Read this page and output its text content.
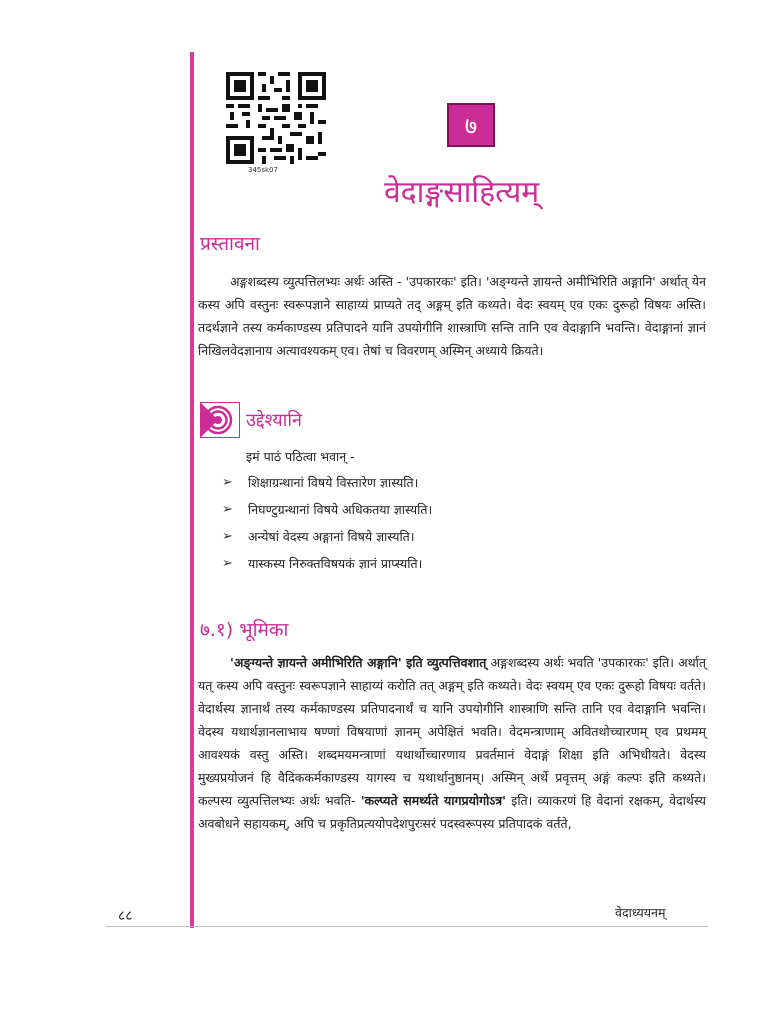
345sk07
७
वेदाङ्गसाहित्यम्
प्रस्तावना

अङ्गशब्दस्य व्युत्पत्तिलभ्यः अर्थः अस्ति - 'उपकारकः' इति। 'अङ्ग्यन्ते ज्ञायन्ते अमीभिरिति अङ्गानि' अर्थात् येन कस्य अपि वस्तुनः स्वरूपज्ञाने साहाय्यं प्राप्यते तद् अङ्गम् इति कथ्यते। वेदः स्वयम् एव एकः दुरूहो विषयः अस्ति। तदर्थज्ञाने तस्य कर्मकाण्डस्य प्रतिपादने यानि उपयोगीनि शास्त्राणि सन्ति तानि एव वेदाङ्गानि भवन्ति। वेदाङ्गानां ज्ञानं निखिलवेदज्ञानाय अत्यावश्यकम् एव। तेषां च विवरणम् अस्मिन् अध्याये क्रियते।

उद्देश्यानि

इमं पाठं पठित्वा भवान् -

➢	शिक्षाग्रन्थानां विषये विस्तारेण ज्ञास्यति।
➢	निघण्टुग्रन्थानां विषये अधिकतया ज्ञास्यति।
➢	अन्येषां वेदस्य अङ्गानां विषये ज्ञास्यति।
➢	यास्कस्य निरुक्तविषयकं ज्ञानं प्राप्स्यति।
७.१) भूमिका

'अङ्ग्यन्ते ज्ञायन्ते अमीभिरिति अङ्गानि' इति व्युत्पत्तिवशात् अङ्गशब्दस्य अर्थः भवति 'उपकारकः' इति। अर्थात् यत् कस्य अपि वस्तुनः स्वरूपज्ञाने साहाय्यं करोति तत् अङ्गम् इति कथ्यते। वेदः स्वयम् एव एकः दुरूहो विषयः वर्तते। वेदार्थस्य ज्ञानार्थं तस्य कर्मकाण्डस्य प्रतिपादनार्थं च यानि उपयोगीनि शास्त्राणि सन्ति तानि एव वेदाङ्गानि भवन्ति। वेदस्य यथार्थज्ञानलाभाय षण्णां विषयाणां ज्ञानम् अपेक्षितं भवति। वेदमन्त्राणाम् अवितथोच्चारणम् एव प्रथमम् आवश्यकं वस्तु अस्ति। शब्दमयमन्त्राणां यथार्थोच्चारणाय प्रवर्तमानं वेदाङ्गं शिक्षा इति अभिधीयते। वेदस्य मुख्यप्रयोजनं हि वैदिककर्मकाण्डस्य यागस्य च यथार्थानुष्ठानम्। अस्मिन् अर्थे प्रवृत्तम् अङ्गं कल्पः इति कथ्यते। कल्पस्य व्युत्पत्तिलभ्यः अर्थः भवति- 'कल्प्यते समर्थ्यते यागप्रयोगोऽत्र' इति। व्याकरणं हि वेदानां रक्षकम्, वेदार्थस्य अवबोधने सहायकम्, अपि च प्रकृतिप्रत्ययोपदेशपुरःसरं पदस्वरूपस्य प्रतिपादकं वर्तते,

८८	वेदाध्ययनम्
